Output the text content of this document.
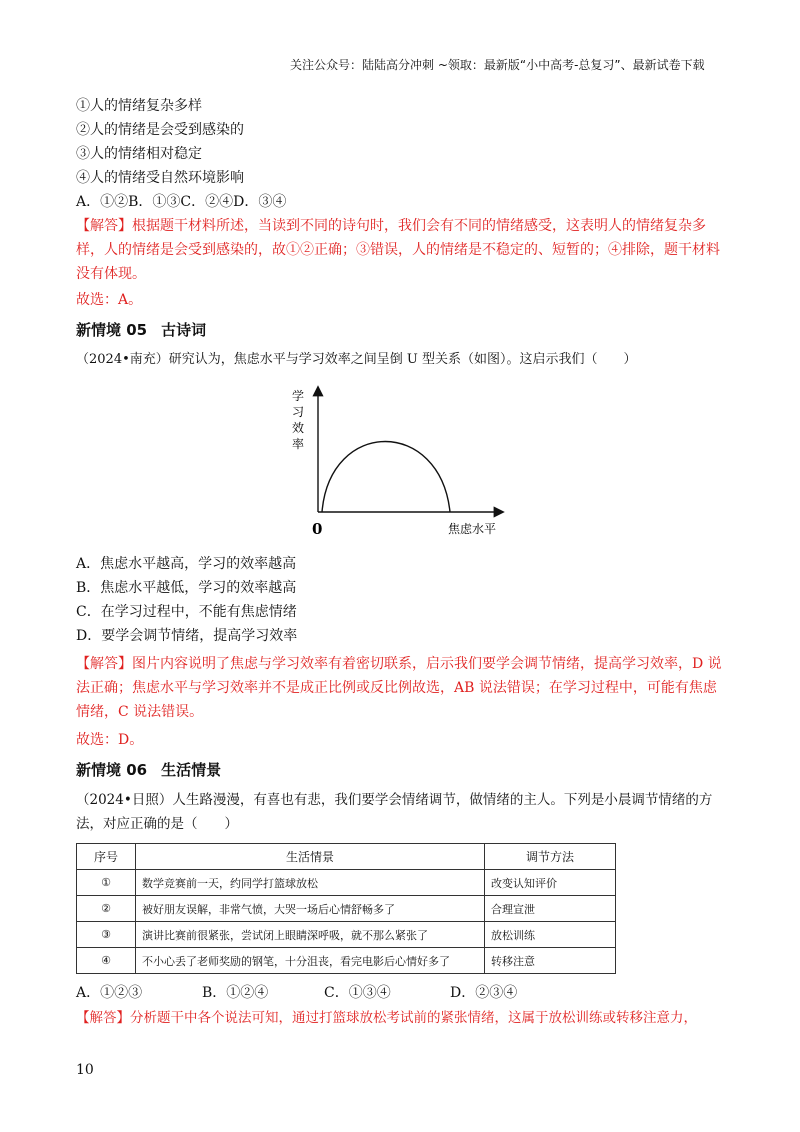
关注公众号：陆陆高分冲刺 ~领取：最新版“小中高考-总复习”、最新试卷下载
①人的情绪复杂多样
②人的情绪是会受到感染的
③人的情绪相对稳定
④人的情绪受自然环境影响
A．①②B．①③C．②④D．③④
【解答】根据题干材料所述，当读到不同的诗句时，我们会有不同的情绪感受，这表明人的情绪复杂多样，人的情绪是会受到感染的，故①②正确；③错误，人的情绪是不稳定的、短暂的；④排除，题干材料没有体现。
故选：A。
新情境 05 古诗词
（2024•南充）研究认为，焦虑水平与学习效率之间呈倒 U 型关系（如图）。这启示我们（　　）
学
习
效
率
0	焦虑水平
A．焦虑水平越高，学习的效率越高
B．焦虑水平越低，学习的效率越高
C．在学习过程中，不能有焦虑情绪
D．要学会调节情绪，提高学习效率
【解答】图片内容说明了焦虑与学习效率有着密切联系，启示我们要学会调节情绪，提高学习效率，D 说法正确；焦虑水平与学习效率并不是成正比例或反比例故选，AB 说法错误；在学习过程中，可能有焦虑情绪，C 说法错误。
故选：D。
新情境 06 生活情景
（2024•日照）人生路漫漫，有喜也有悲，我们要学会情绪调节，做情绪的主人。下列是小晨调节情绪的方法，对应正确的是（　　）
序号	生活情景	调节方法
①	数学竞赛前一天，约同学打篮球放松	改变认知评价
②	被好朋友误解，非常气愤，大哭一场后心情舒畅多了	合理宣泄
③	演讲比赛前很紧张，尝试闭上眼睛深呼吸，就不那么紧张了	放松训练
④	不小心丢了老师奖励的钢笔，十分沮丧，看完电影后心情好多了	转移注意
A．①②③	B．①②④	C．①③④	D．②③④
【解答】分析题干中各个说法可知，通过打篮球放松考试前的紧张情绪，这属于放松训练或转移注意力，
10
